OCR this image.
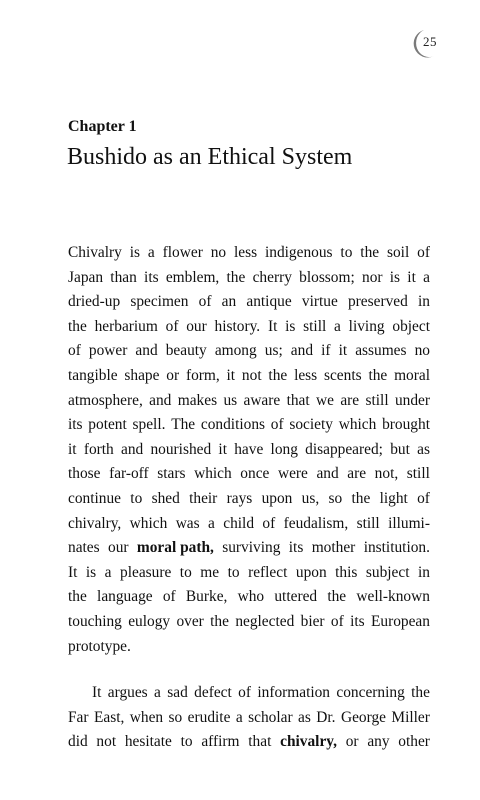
25
Chapter 1
Bushido as an Ethical System
Chivalry is a flower no less indigenous to the soil of
Japan than its emblem, the cherry blossom; nor is it a
dried-up specimen of an antique virtue preserved in
the herbarium of our history. It is still a living object
of power and beauty among us; and if it assumes no
tangible shape or form, it not the less scents the moral
atmosphere, and makes us aware that we are still under
its potent spell. The conditions of society which brought
it forth and nourished it have long disappeared; but as
those far-off stars which once were and are not, still
continue to shed their rays upon us, so the light of
chivalry, which was a child of feudalism, still illumi-
nates our moral path, surviving its mother institution.
It is a pleasure to me to reflect upon this subject in
the language of Burke, who uttered the well-known
touching eulogy over the neglected bier of its European
prototype.
It argues a sad defect of information concerning the
Far East, when so erudite a scholar as Dr. George Miller
did not hesitate to affirm that chivalry, or any other
